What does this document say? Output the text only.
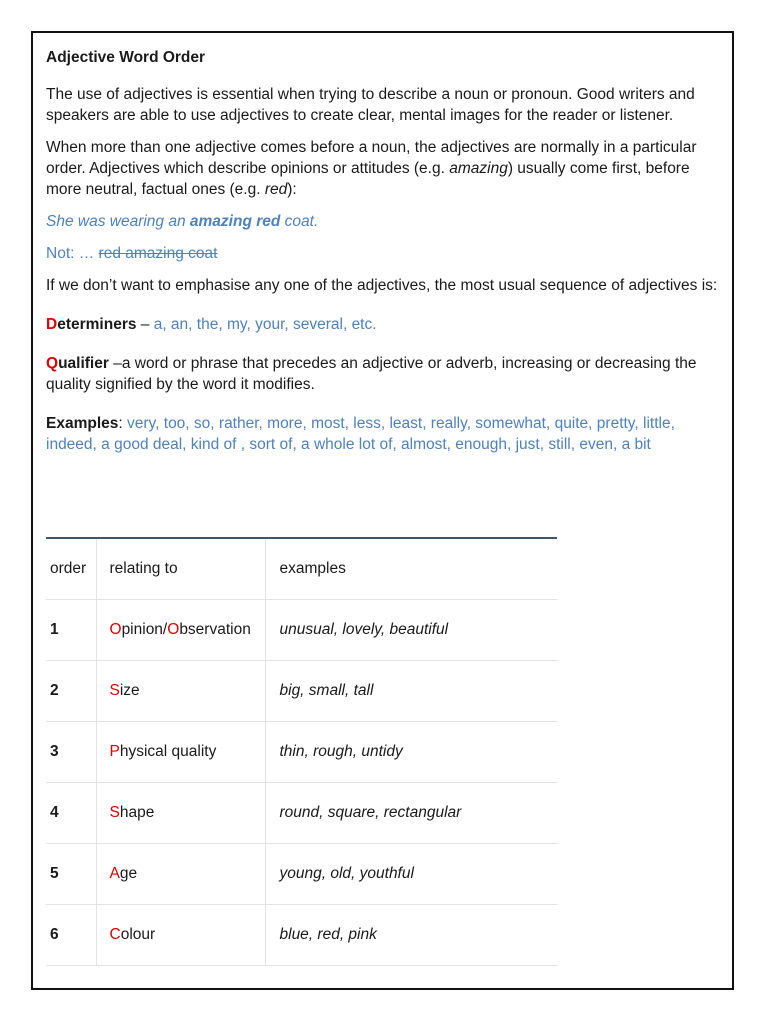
Adjective Word Order

The use of adjectives is essential when trying to describe a noun or pronoun. Good writers and speakers are able to use adjectives to create clear, mental images for the reader or listener.

When more than one adjective comes before a noun, the adjectives are normally in a particular order. Adjectives which describe opinions or attitudes (e.g. amazing) usually come first, before more neutral, factual ones (e.g. red):

She was wearing an amazing red coat.

Not: … red amazing coat

If we don’t want to emphasise any one of the adjectives, the most usual sequence of adjectives is:

Determiners – a, an, the, my, your, several, etc.

Qualifier –a word or phrase that precedes an adjective or adverb, increasing or decreasing the quality signified by the word it modifies.

Examples: very, too, so, rather, more, most, less, least, really, somewhat, quite, pretty, little, indeed, a good deal, kind of , sort of, a whole lot of, almost, enough, just, still, even, a bit

order	relating to	examples
1	Opinion/Observation	unusual, lovely, beautiful
2	Size	big, small, tall
3	Physical quality	thin, rough, untidy
4	Shape	round, square, rectangular
5	Age	young, old, youthful
6	Colour	blue, red, pink
